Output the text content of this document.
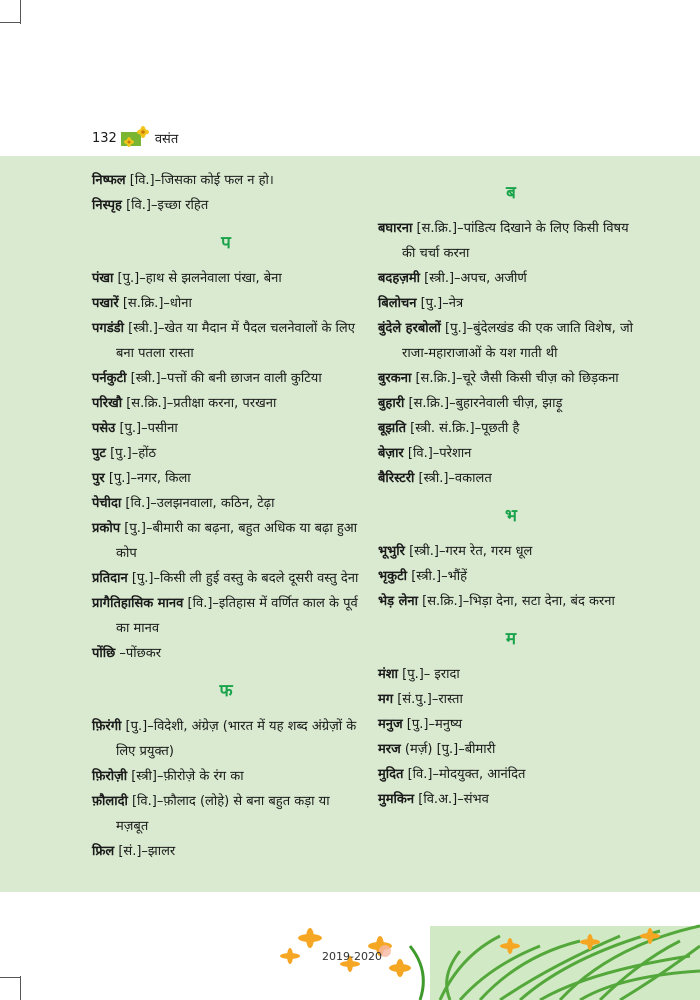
132	वसंत
निष्फल [वि.]–जिसका कोई फल न हो।
निस्पृह [वि.]–इच्छा रहित
प
पंखा [पु.]–हाथ से झलनेवाला पंखा, बेना
पखारें [स.क्रि.]–धोना
पगडंडी [स्त्री.]–खेत या मैदान में पैदल चलनेवालों के लिए बना पतला रास्ता
पर्नकुटी [स्त्री.]–पत्तों की बनी छाजन वाली कुटिया
परिखौ [स.क्रि.]–प्रतीक्षा करना, परखना
पसेउ [पु.]–पसीना
पुट [पु.]–होंठ
पुर [पु.]–नगर, किला
पेचीदा [वि.]–उलझनवाला, कठिन, टेढ़ा
प्रकोप [पु.]–बीमारी का बढ़ना, बहुत अधिक या बढ़ा हुआ कोप
प्रतिदान [पु.]–किसी ली हुई वस्तु के बदले दूसरी वस्तु देना
प्रागैतिहासिक मानव [वि.]–इतिहास में वर्णित काल के पूर्व का मानव
पोंछि –पोंछकर
फ
फ़िरंगी [पु.]–विदेशी, अंग्रेज़ (भारत में यह शब्द अंग्रेज़ों के लिए प्रयुक्त)
फ़िरोज़ी [स्त्री]–फ़ीरोज़े के रंग का
फ़ौलादी [वि.]–फ़ौलाद (लोहे) से बना बहुत कड़ा या मज़बूत
फ्रिल [सं.]–झालर
ब
बघारना [स.क्रि.]–पांडित्य दिखाने के लिए किसी विषय की चर्चा करना
बदहज़मी [स्त्री.]–अपच, अजीर्ण
बिलोचन [पु.]–नेत्र
बुंदेले हरबोलों [पु.]–बुंदेलखंड की एक जाति विशेष, जो राजा-महाराजाओं के यश गाती थी
बुरकना [स.क्रि.]–चूरे जैसी किसी चीज़ को छिड़कना
बुहारी [स.क्रि.]–बुहारनेवाली चीज़, झाड़ू
बूझति [स्त्री. सं.क्रि.]–पूछती है
बेज़ार [वि.]–परेशान
बैरिस्टरी [स्त्री.]–वकालत
भ
भूभुरि [स्त्री.]–गरम रेत, गरम धूल
भृकुटी [स्त्री.]–भौंहें
भेड़ लेना [स.क्रि.]–भिड़ा देना, सटा देना, बंद करना
म
मंशा [पु.]– इरादा
मग [सं.पु.]–रास्ता
मनुज [पु.]–मनुष्य
मरज (मर्ज़) [पु.]–बीमारी
मुदित [वि.]–मोदयुक्त, आनंदित
मुमकिन [वि.अ.]–संभव
2019-2020
